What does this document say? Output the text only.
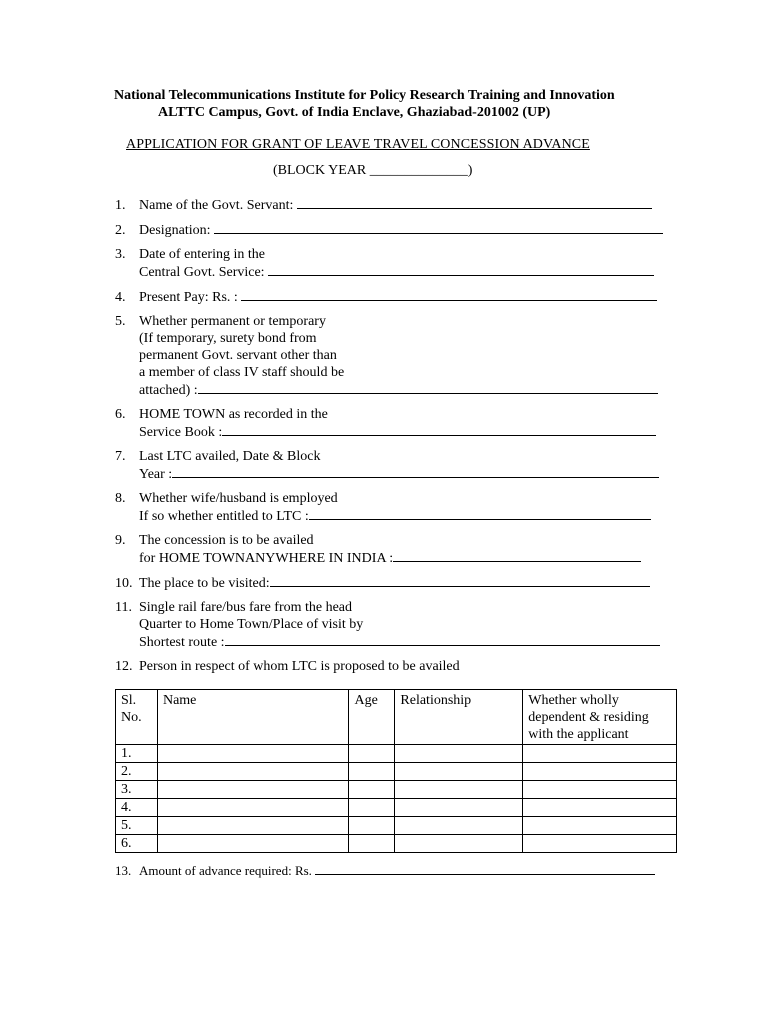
National Telecommunications Institute for Policy Research Training and Innovation
ALTTC Campus, Govt. of India Enclave, Ghaziabad-201002 (UP)
APPLICATION FOR GRANT OF LEAVE TRAVEL CONCESSION ADVANCE
(BLOCK YEAR ______________)
1. Name of the Govt. Servant:
2. Designation:
3. Date of entering in the
Central Govt. Service:
4. Present Pay: Rs. :
5. Whether permanent or temporary
(If temporary, surety bond from
permanent Govt. servant other than
a member of class IV staff should be
attached) :
6. HOME TOWN as recorded in the
Service Book :
7. Last LTC availed, Date & Block
Year :
8. Whether wife/husband is employed
If so whether entitled to LTC :
9. The concession is to be availed
for HOME TOWNANYWHERE IN INDIA :
10. The place to be visited:
11. Single rail fare/bus fare from the head
Quarter to Home Town/Place of visit by
Shortest route :
12. Person in respect of whom LTC is proposed to be availed
Sl. No.	Name	Age	Relationship	Whether wholly dependent & residing with the applicant
1.				
2.				
3.				
4.				
5.				
6.				
13. Amount of advance required: Rs.
